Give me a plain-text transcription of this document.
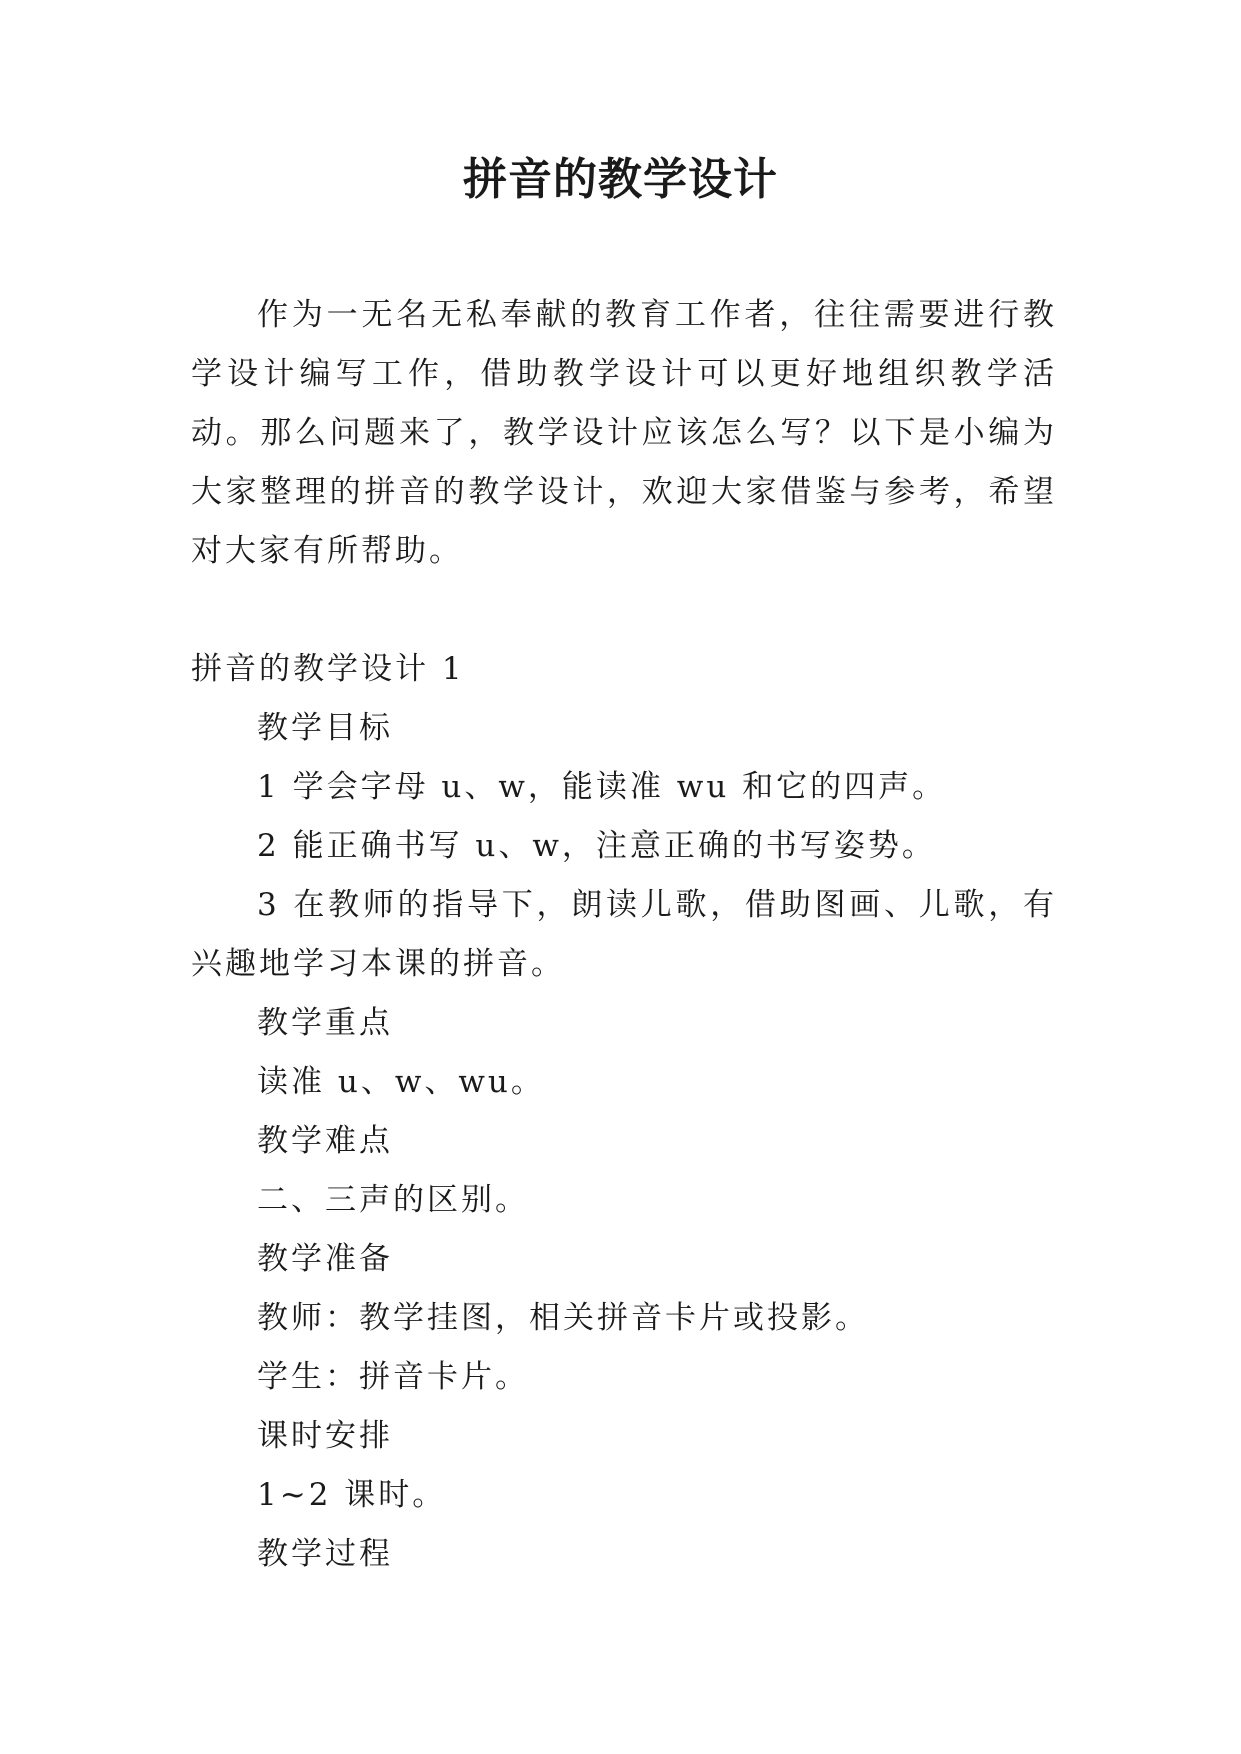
拼音的教学设计

作为一无名无私奉献的教育工作者，往往需要进行教学设计编写工作，借助教学设计可以更好地组织教学活动。那么问题来了，教学设计应该怎么写？以下是小编为大家整理的拼音的教学设计，欢迎大家借鉴与参考，希望对大家有所帮助。

拼音的教学设计 1

教学目标

1 学会字母 u、w，能读准 wu 和它的四声。

2 能正确书写 u、w，注意正确的书写姿势。

3 在教师的指导下，朗读儿歌，借助图画、儿歌，有兴趣地学习本课的拼音。

教学重点

读准 u、w、wu。

教学难点

二、三声的区别。

教学准备

教师：教学挂图，相关拼音卡片或投影。

学生：拼音卡片。

课时安排

1~2 课时。

教学过程
